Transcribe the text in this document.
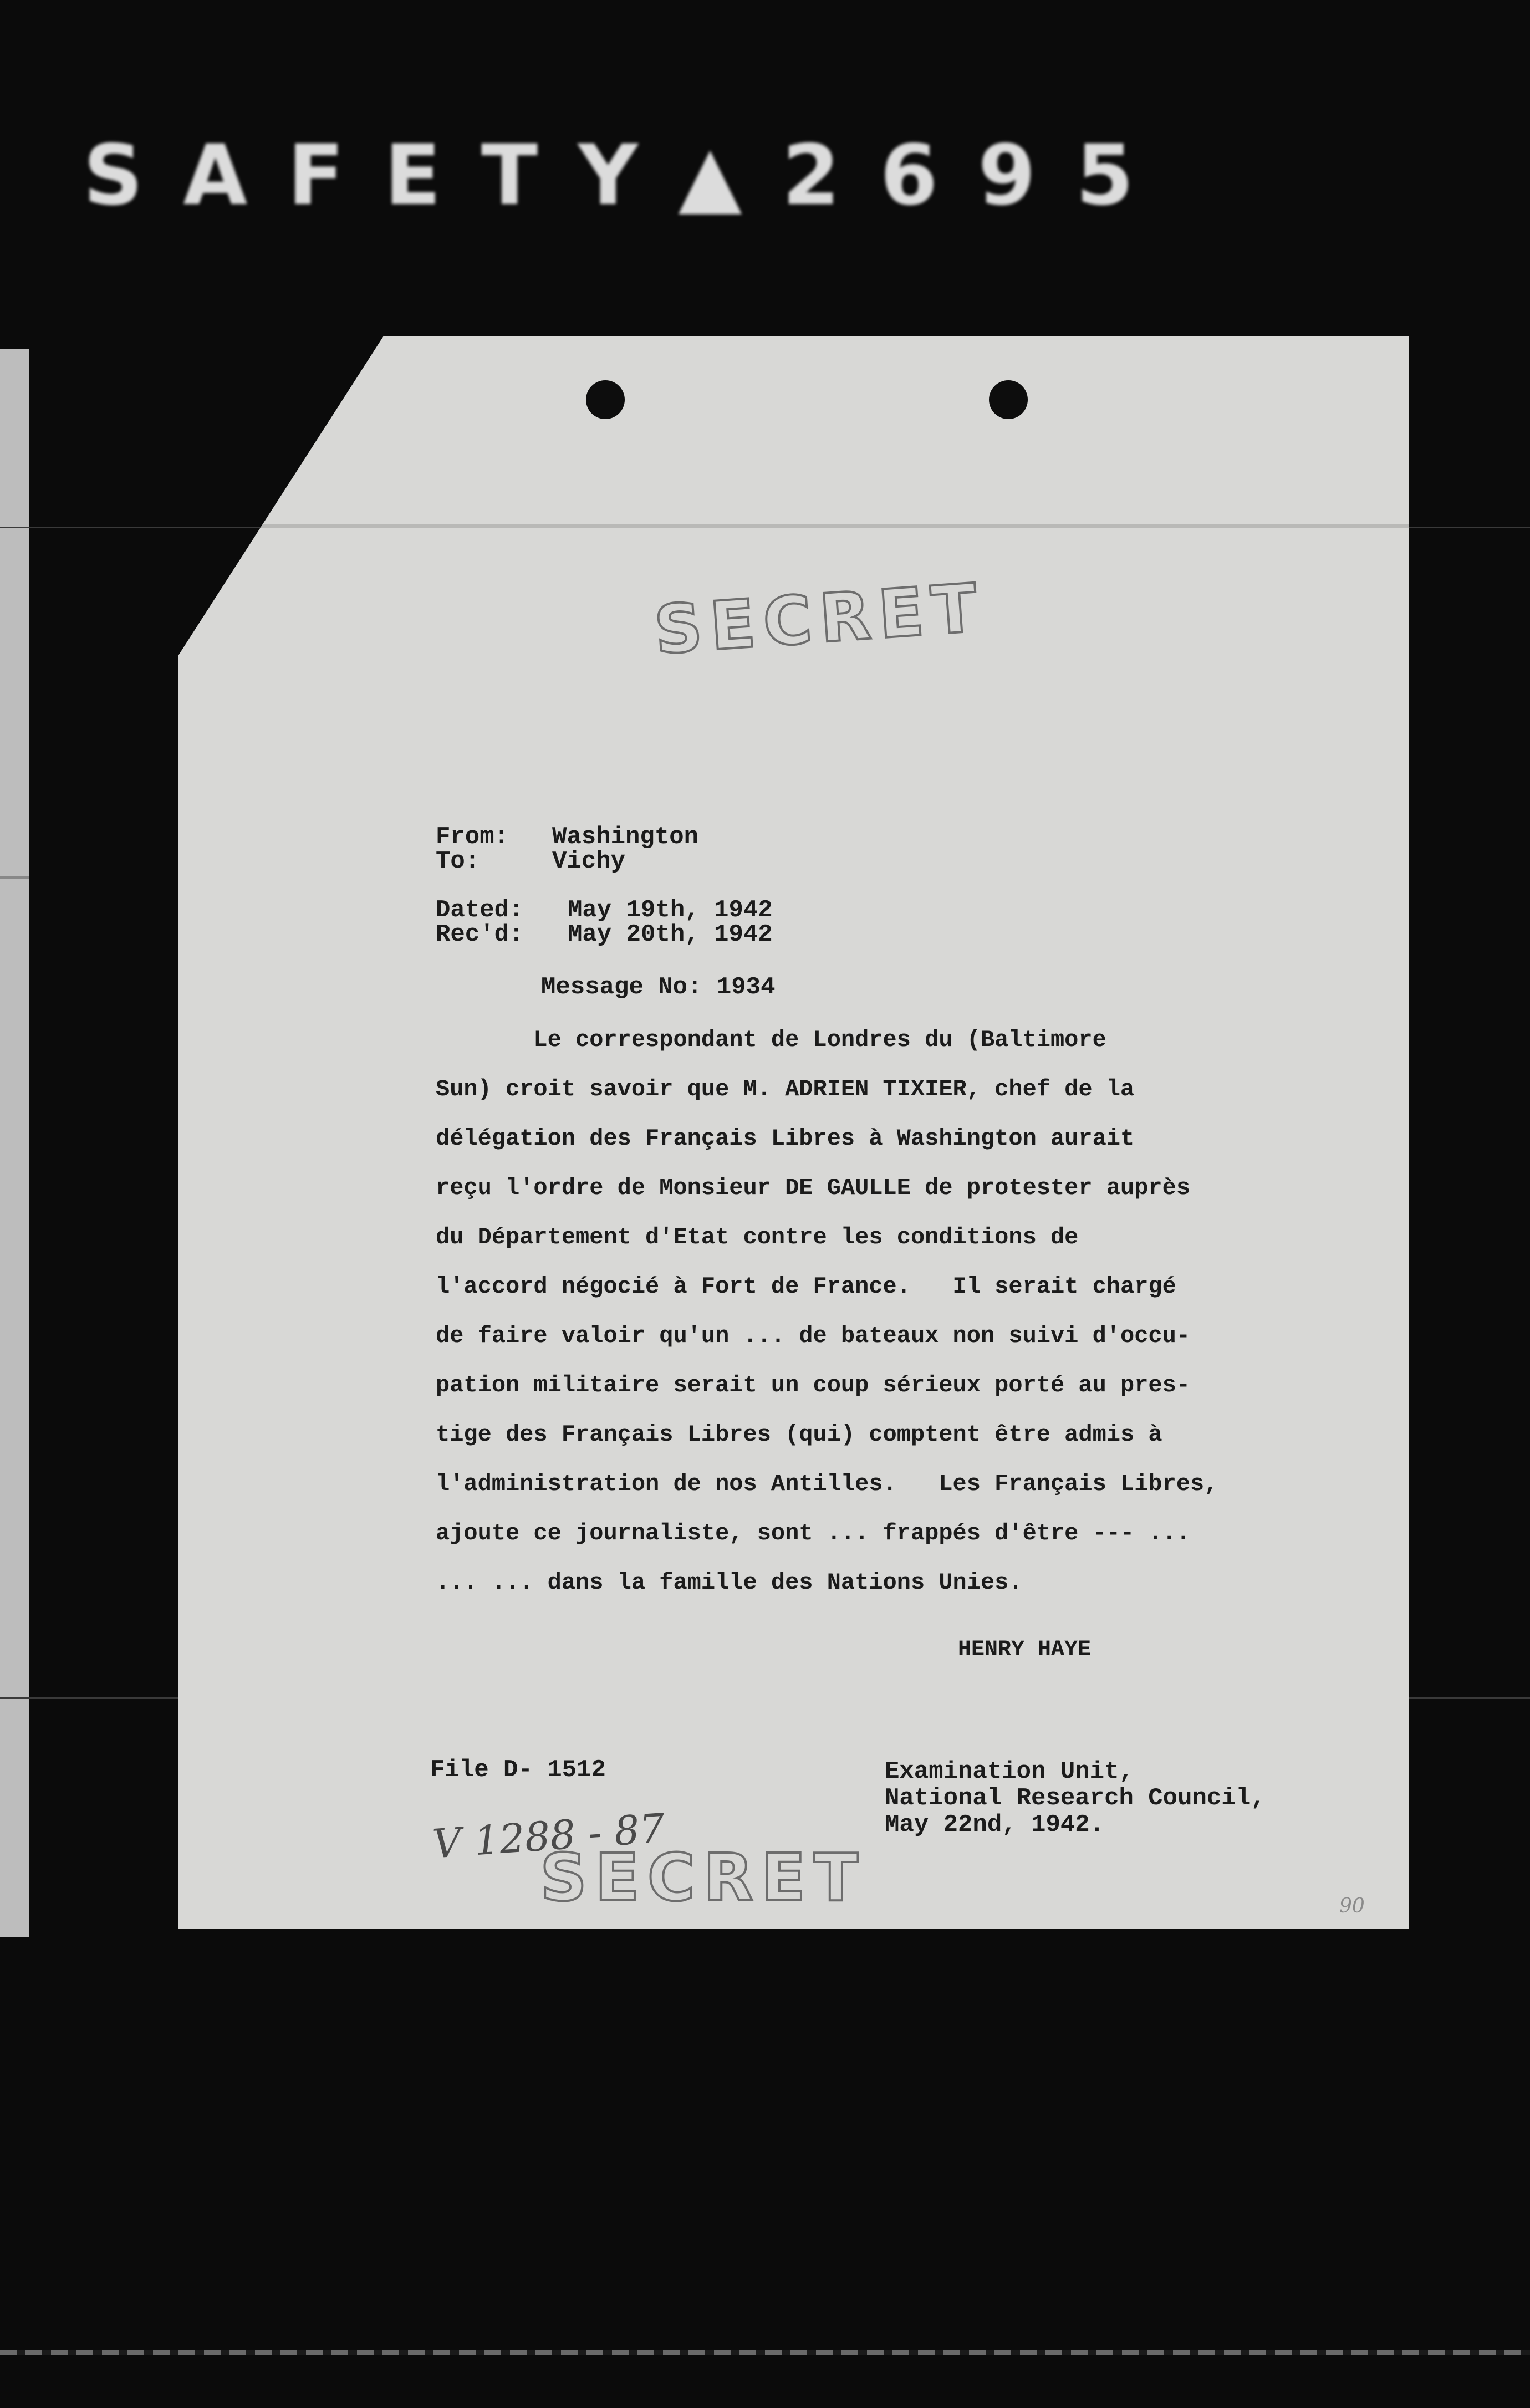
S A F E T Y ▲ 2 6 9 5
SECRET
From:	Washington
To:	Vichy
Dated:	May 19th, 1942
Rec'd:	May 20th, 1942
Message No: 1934
Le correspondant de Londres du (Baltimore
Sun) croit savoir que M. ADRIEN TIXIER, chef de la
délégation des Français Libres à Washington aurait
reçu l'ordre de Monsieur DE GAULLE de protester auprès
du Département d'Etat contre les conditions de
l'accord négocié à Fort de France.   Il serait chargé
de faire valoir qu'un ... de bateaux non suivi d'occu-
pation militaire serait un coup sérieux porté au pres-
tige des Français Libres (qui) comptent être admis à
l'administration de nos Antilles.   Les Français Libres,
ajoute ce journaliste, sont ... frappés d'être --- ...
... ... dans la famille des Nations Unies.
HENRY HAYE
File D- 1512	Examination Unit,
National Research Council,
May 22nd, 1942.
V 1288 - 87
SECRET	90
